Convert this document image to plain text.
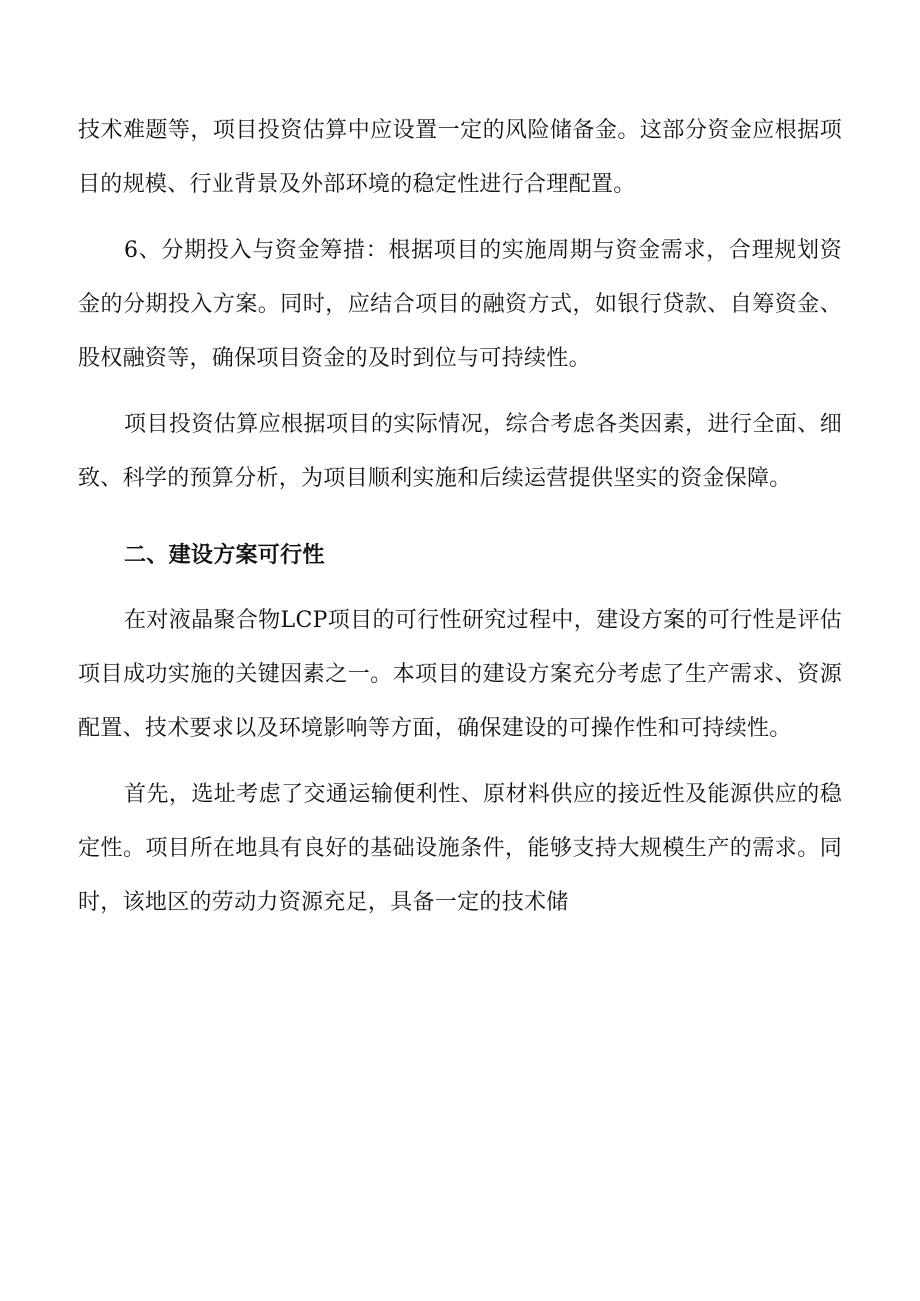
技术难题等，项目投资估算中应设置一定的风险储备金。这部分资金应根据项目的规模、行业背景及外部环境的稳定性进行合理配置。

6、分期投入与资金筹措：根据项目的实施周期与资金需求，合理规划资金的分期投入方案。同时，应结合项目的融资方式，如银行贷款、自筹资金、股权融资等，确保项目资金的及时到位与可持续性。

项目投资估算应根据项目的实际情况，综合考虑各类因素，进行全面、细致、科学的预算分析，为项目顺利实施和后续运营提供坚实的资金保障。

二、建设方案可行性

在对液晶聚合物LCP项目的可行性研究过程中，建设方案的可行性是评估项目成功实施的关键因素之一。本项目的建设方案充分考虑了生产需求、资源配置、技术要求以及环境影响等方面，确保建设的可操作性和可持续性。

首先，选址考虑了交通运输便利性、原材料供应的接近性及能源供应的稳定性。项目所在地具有良好的基础设施条件，能够支持大规模生产的需求。同时，该地区的劳动力资源充足，具备一定的技术储
